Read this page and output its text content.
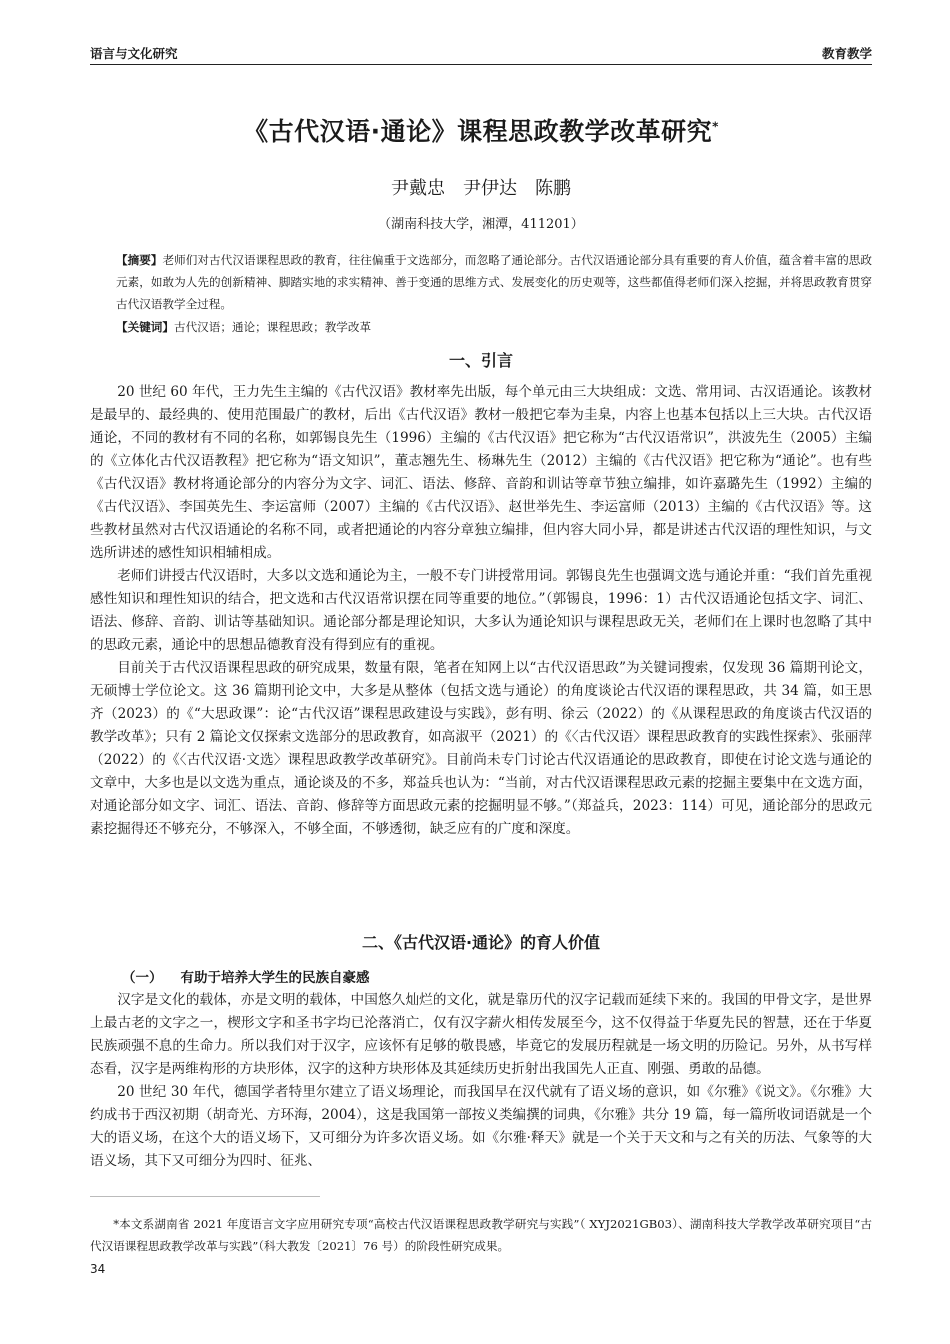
语言与文化研究	教育教学
《古代汉语·通论》课程思政教学改革研究*
尹戴忠　尹伊达　陈鹏
（湖南科技大学，湘潭，411201）
【摘要】老师们对古代汉语课程思政的教育，往往偏重于文选部分，而忽略了通论部分。古代汉语通论部分具有重要的育人价值，蕴含着丰富的思政元素，如敢为人先的创新精神、脚踏实地的求实精神、善于变通的思维方式、发展变化的历史观等，这些都值得老师们深入挖掘，并将思政教育贯穿古代汉语教学全过程。
【关键词】古代汉语；通论；课程思政；教学改革
一、引言

20 世纪 60 年代，王力先生主编的《古代汉语》教材率先出版，每个单元由三大块组成：文选、常用词、古汉语通论。该教材是最早的、最经典的、使用范围最广的教材，后出《古代汉语》教材一般把它奉为圭臬，内容上也基本包括以上三大块。古代汉语通论，不同的教材有不同的名称，如郭锡良先生（1996）主编的《古代汉语》把它称为“古代汉语常识”，洪波先生（2005）主编的《立体化古代汉语教程》把它称为“语文知识”，董志翘先生、杨琳先生（2012）主编的《古代汉语》把它称为“通论”。也有些《古代汉语》教材将通论部分的内容分为文字、词汇、语法、修辞、音韵和训诂等章节独立编排，如许嘉璐先生（1992）主编的《古代汉语》、李国英先生、李运富师（2007）主编的《古代汉语》、赵世举先生、李运富师（2013）主编的《古代汉语》等。这些教材虽然对古代汉语通论的名称不同，或者把通论的内容分章独立编排，但内容大同小异，都是讲述古代汉语的理性知识，与文选所讲述的感性知识相辅相成。

老师们讲授古代汉语时，大多以文选和通论为主，一般不专门讲授常用词。郭锡良先生也强调文选与通论并重：“我们首先重视感性知识和理性知识的结合，把文选和古代汉语常识摆在同等重要的地位。”（郭锡良，1996：1）古代汉语通论包括文字、词汇、语法、修辞、音韵、训诂等基础知识。通论部分都是理论知识，大多认为通论知识与课程思政无关，老师们在上课时也忽略了其中的思政元素，通论中的思想品德教育没有得到应有的重视。

目前关于古代汉语课程思政的研究成果，数量有限，笔者在知网上以“古代汉语思政”为关键词搜索，仅发现 36 篇期刊论文，无硕博士学位论文。这 36 篇期刊论文中，大多是从整体（包括文选与通论）的角度谈论古代汉语的课程思政，共 34 篇，如王思齐（2023）的《“大思政课”：论“古代汉语”课程思政建设与实践》，彭有明、徐云（2022）的《从课程思政的角度谈古代汉语的教学改革》；只有 2 篇论文仅探索文选部分的思政教育，如高淑平（2021）的《〈古代汉语〉课程思政教育的实践性探索》、张丽萍（2022）的《〈古代汉语·文选〉课程思政教学改革研究》。目前尚未专门讨论古代汉语通论的思政教育，即使在讨论文选与通论的文章中，大多也是以文选为重点，通论谈及的不多，郑益兵也认为：“当前，对古代汉语课程思政元素的挖掘主要集中在文选方面，对通论部分如文字、词汇、语法、音韵、修辞等方面思政元素的挖掘明显不够。”（郑益兵，2023：114）可见，通论部分的思政元素挖掘得还不够充分，不够深入，不够全面，不够透彻，缺乏应有的广度和深度。

二、《古代汉语·通论》的育人价值
（一） 有助于培养大学生的民族自豪感

汉字是文化的载体，亦是文明的载体，中国悠久灿烂的文化，就是靠历代的汉字记载而延续下来的。我国的甲骨文字，是世界上最古老的文字之一，楔形文字和圣书字均已沦落消亡，仅有汉字薪火相传发展至今，这不仅得益于华夏先民的智慧，还在于华夏民族顽强不息的生命力。所以我们对于汉字，应该怀有足够的敬畏感，毕竟它的发展历程就是一场文明的历险记。另外，从书写样态看，汉字是两维构形的方块形体，汉字的这种方块形体及其延续历史折射出我国先人正直、刚强、勇敢的品德。

20 世纪 30 年代，德国学者特里尔建立了语义场理论，而我国早在汉代就有了语义场的意识，如《尔雅》《说文》。《尔雅》大约成书于西汉初期（胡奇光、方环海，2004），这是我国第一部按义类编撰的词典，《尔雅》共分 19 篇，每一篇所收词语就是一个大的语义场，在这个大的语义场下，又可细分为许多次语义场。如《尔雅·释天》就是一个关于天文和与之有关的历法、气象等的大语义场，其下又可细分为四时、征兆、

*本文系湖南省 2021 年度语言文字应用研究专项“高校古代汉语课程思政教学研究与实践”（ XYJ2021GB03）、湖南科技大学教学改革研究项目“古代汉语课程思政教学改革与实践”（科大教发〔2021〕76 号）的阶段性研究成果。
34
